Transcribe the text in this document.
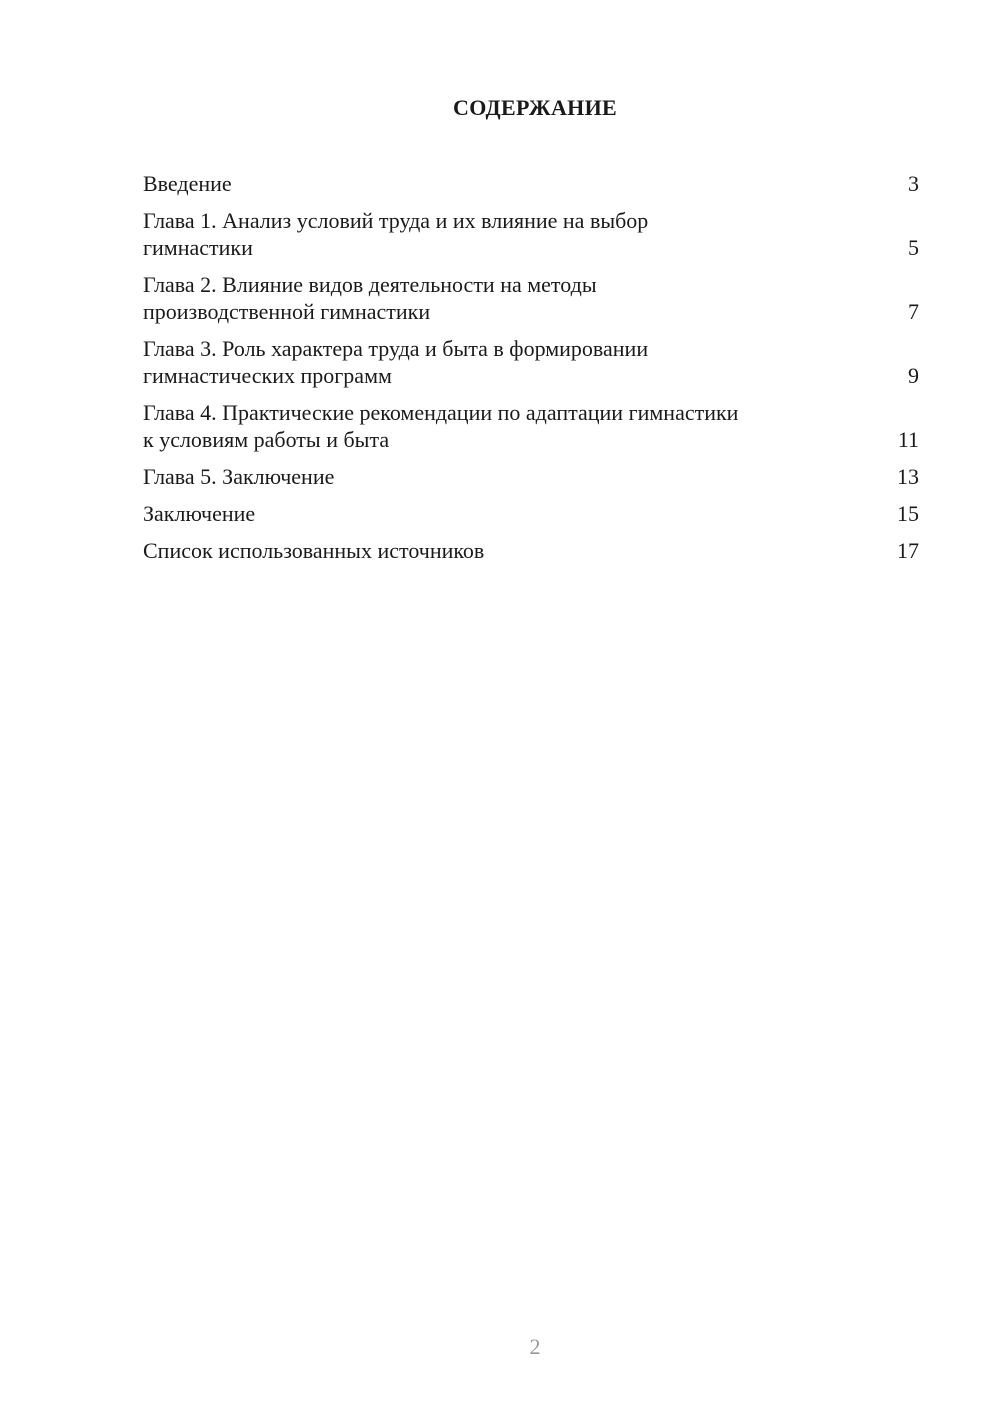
СОДЕРЖАНИЕ
Введение	3
Глава 1. Анализ условий труда и их влияние на выбор
гимнастики	5
Глава 2. Влияние видов деятельности на методы
производственной гимнастики	7
Глава 3. Роль характера труда и быта в формировании
гимнастических программ	9
Глава 4. Практические рекомендации по адаптации гимнастики
к условиям работы и быта	11
Глава 5. Заключение	13
Заключение	15
Список использованных источников	17
2
